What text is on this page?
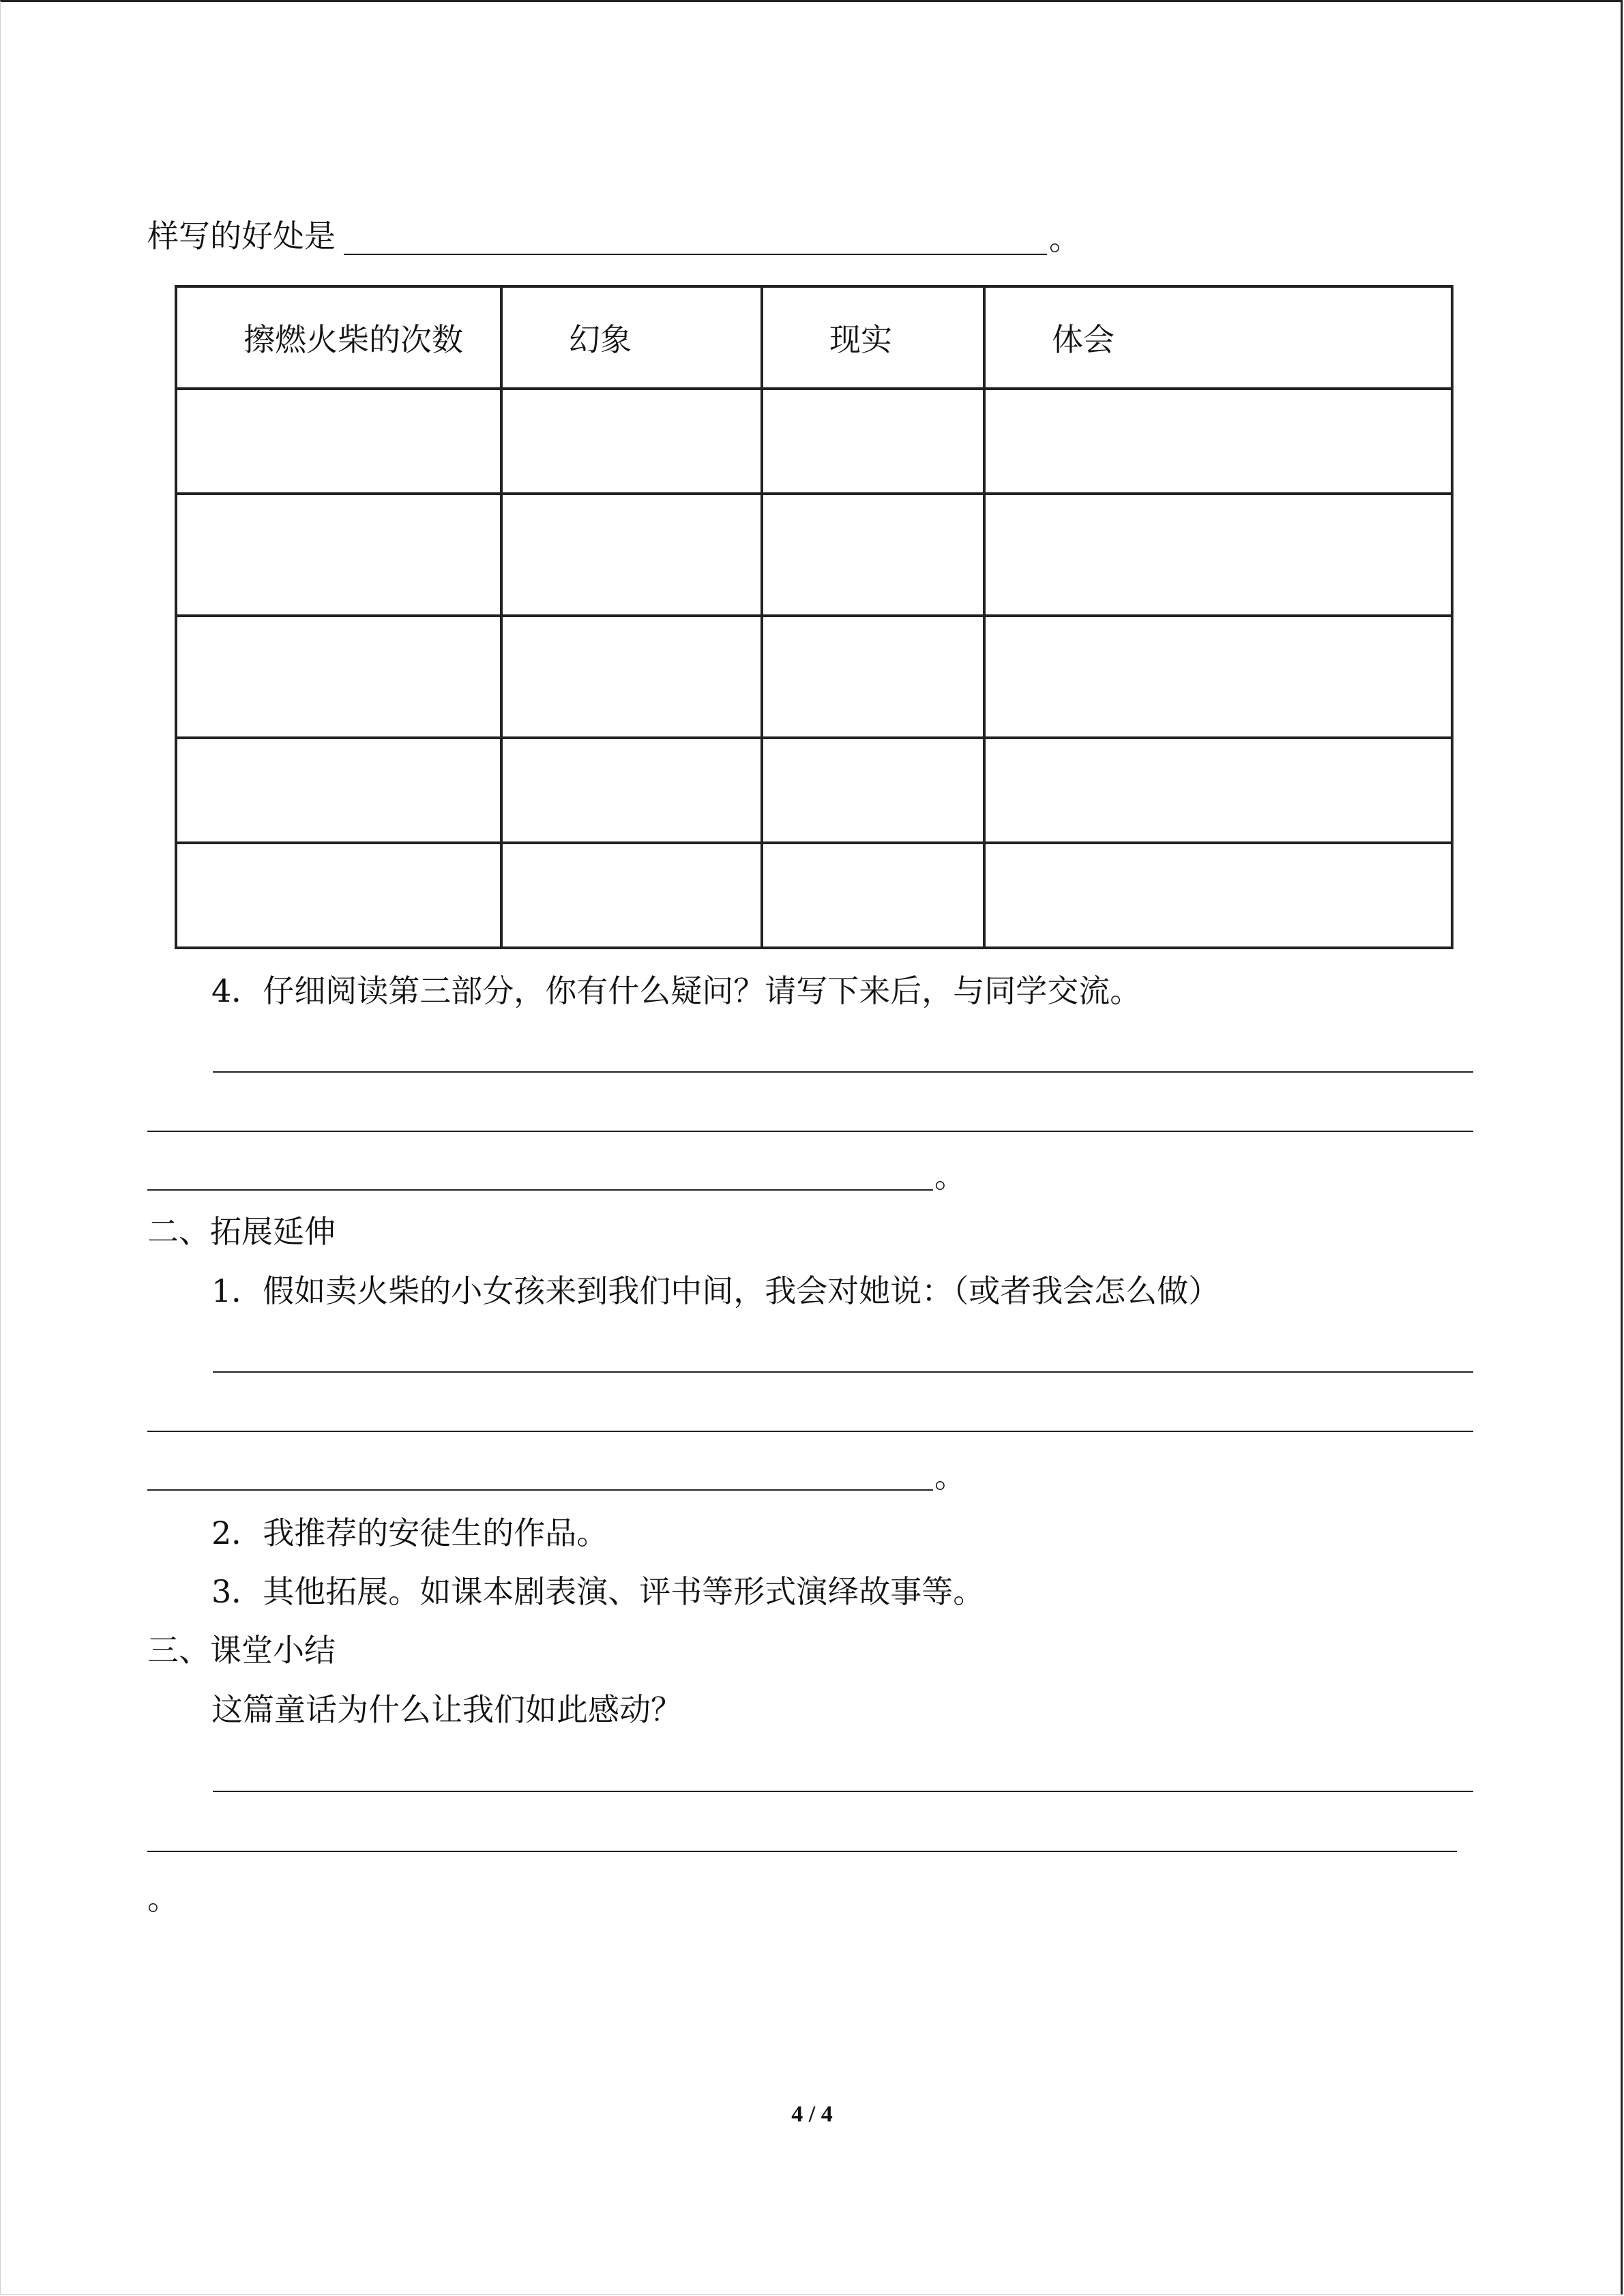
样写的好处是	。
擦燃火柴的次数	幻象	现实	体会

4．仔细阅读第三部分，你有什么疑问？请写下来后，与同学交流。
。
二、拓展延伸
1．假如卖火柴的小女孩来到我们中间，我会对她说：（或者我会怎么做）
。
2．我推荐的安徒生的作品。
3．其他拓展。如课本剧表演、评书等形式演绎故事等。
三、课堂小结
这篇童话为什么让我们如此感动？
。
4 / 4
